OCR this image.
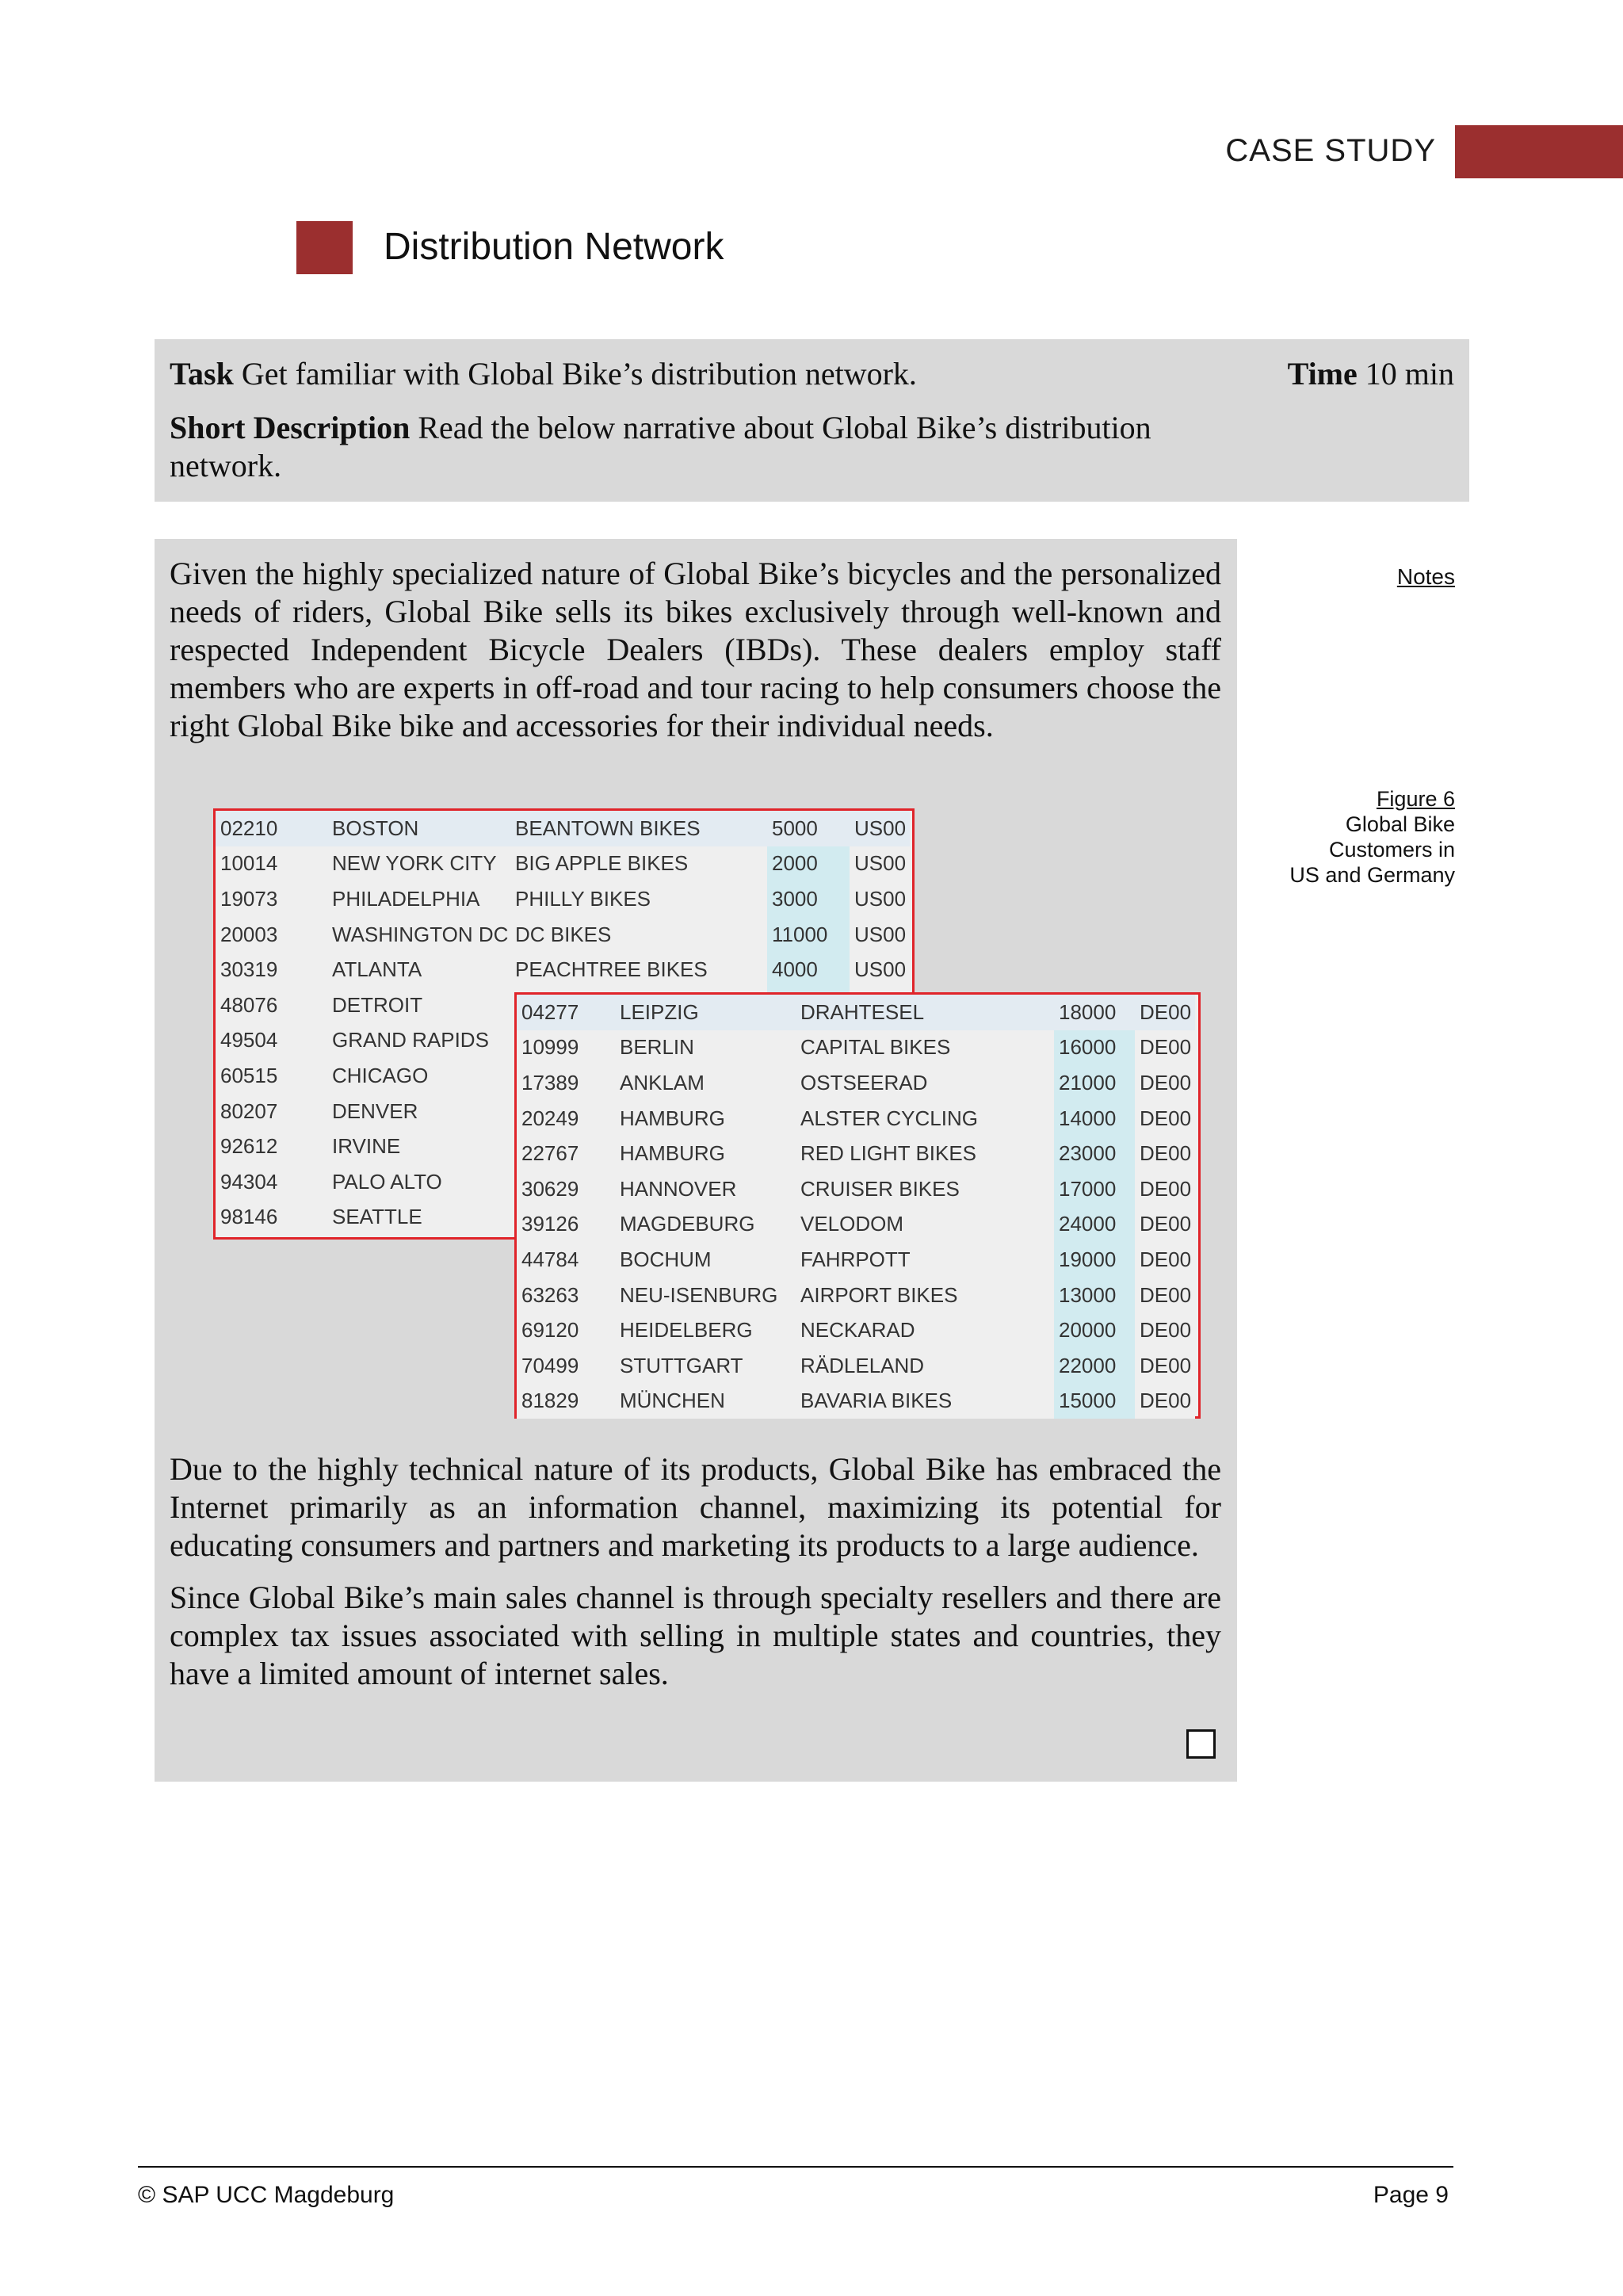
CASE STUDY
Distribution Network
Task Get familiar with Global Bike’s distribution network.	Time 10 min
Short Description Read the below narrative about Global Bike’s distribution network.
Given the highly specialized nature of Global Bike’s bicycles and the personalized needs of riders, Global Bike sells its bikes exclusively through well-known and respected Independent Bicycle Dealers (IBDs). These dealers employ staff members who are experts in off-road and tour racing to help consumers choose the right Global Bike bike and accessories for their individual needs.
Due to the highly technical nature of its products, Global Bike has embraced the Internet primarily as an information channel, maximizing its potential for educating consumers and partners and marketing its products to a large audience.
Since Global Bike’s main sales channel is through specialty resellers and there are complex tax issues associated with selling in multiple states and countries, they have a limited amount of internet sales.
Notes
Figure 6
Global Bike
Customers in
US and Germany
02210	BOSTON	BEANTOWN BIKES	5000	US00
10014	NEW YORK CITY	BIG APPLE BIKES	2000	US00
19073	PHILADELPHIA	PHILLY BIKES	3000	US00
20003	WASHINGTON DC	DC BIKES	11000	US00
30319	ATLANTA	PEACHTREE BIKES	4000	US00
48076	DETROIT			
49504	GRAND RAPIDS			
60515	CHICAGO			
80207	DENVER			
92612	IRVINE			
94304	PALO ALTO			
98146	SEATTLE			
04277	LEIPZIG	DRAHTESEL	18000	DE00
10999	BERLIN	CAPITAL BIKES	16000	DE00
17389	ANKLAM	OSTSEERAD	21000	DE00
20249	HAMBURG	ALSTER CYCLING	14000	DE00
22767	HAMBURG	RED LIGHT BIKES	23000	DE00
30629	HANNOVER	CRUISER BIKES	17000	DE00
39126	MAGDEBURG	VELODOM	24000	DE00
44784	BOCHUM	FAHRPOTT	19000	DE00
63263	NEU-ISENBURG	AIRPORT BIKES	13000	DE00
69120	HEIDELBERG	NECKARAD	20000	DE00
70499	STUTTGART	RÄDLELAND	22000	DE00
81829	MÜNCHEN	BAVARIA BIKES	15000	DE00
© SAP UCC Magdeburg	Page 9
